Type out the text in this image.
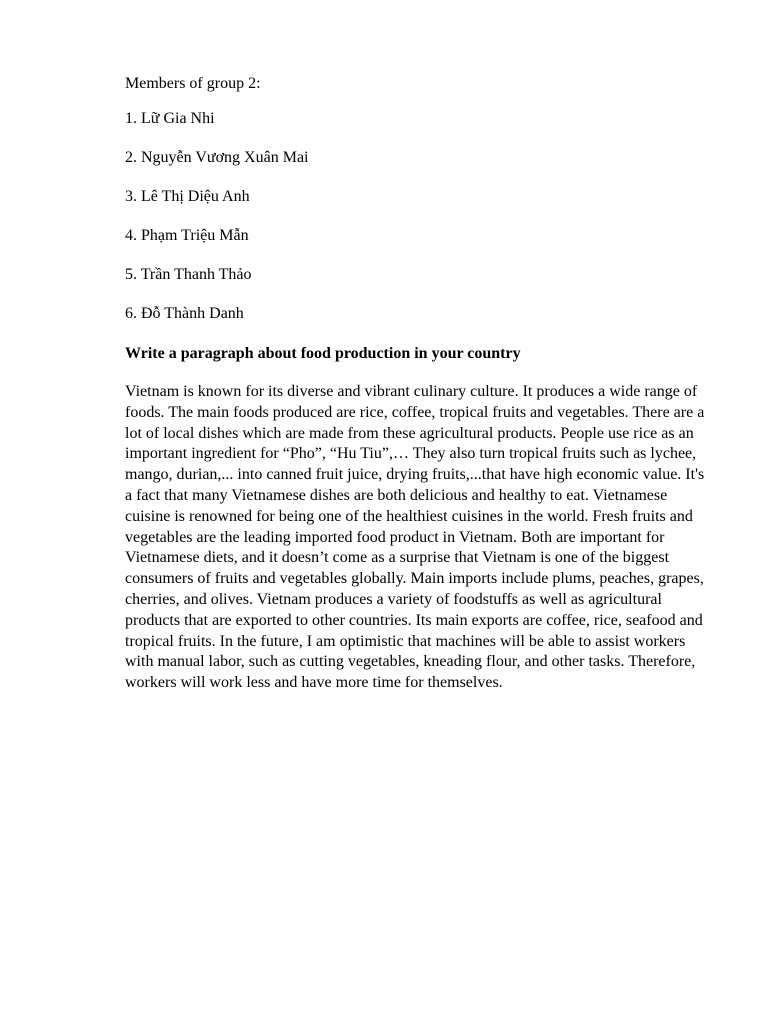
Members of group 2:

1. Lữ Gia Nhi
2. Nguyễn Vương Xuân Mai
3. Lê Thị Diệu Anh
4. Phạm Triệu Mẫn
5. Trần Thanh Thảo
6. Đỗ Thành Danh
Write a paragraph about food production in your country

Vietnam is known for its diverse and vibrant culinary culture. It produces a wide range of foods. The main foods produced are rice, coffee, tropical fruits and vegetables. There are a lot of local dishes which are made from these agricultural products. People use rice as an important ingredient for “Pho”, “Hu Tiu”,… They also turn tropical fruits such as lychee, mango, durian,... into canned fruit juice, drying fruits,...that have high economic value. It's a fact that many Vietnamese dishes are both delicious and healthy to eat. Vietnamese cuisine is renowned for being one of the healthiest cuisines in the world. Fresh fruits and vegetables are the leading imported food product in Vietnam. Both are important for Vietnamese diets, and it doesn’t come as a surprise that Vietnam is one of the biggest consumers of fruits and vegetables globally. Main imports include plums, peaches, grapes, cherries, and olives. Vietnam produces a variety of foodstuffs as well as agricultural products that are exported to other countries. Its main exports are coffee, rice, seafood and tropical fruits. In the future, I am optimistic that machines will be able to assist workers with manual labor, such as cutting vegetables, kneading flour, and other tasks. Therefore, workers will work less and have more time for themselves.
